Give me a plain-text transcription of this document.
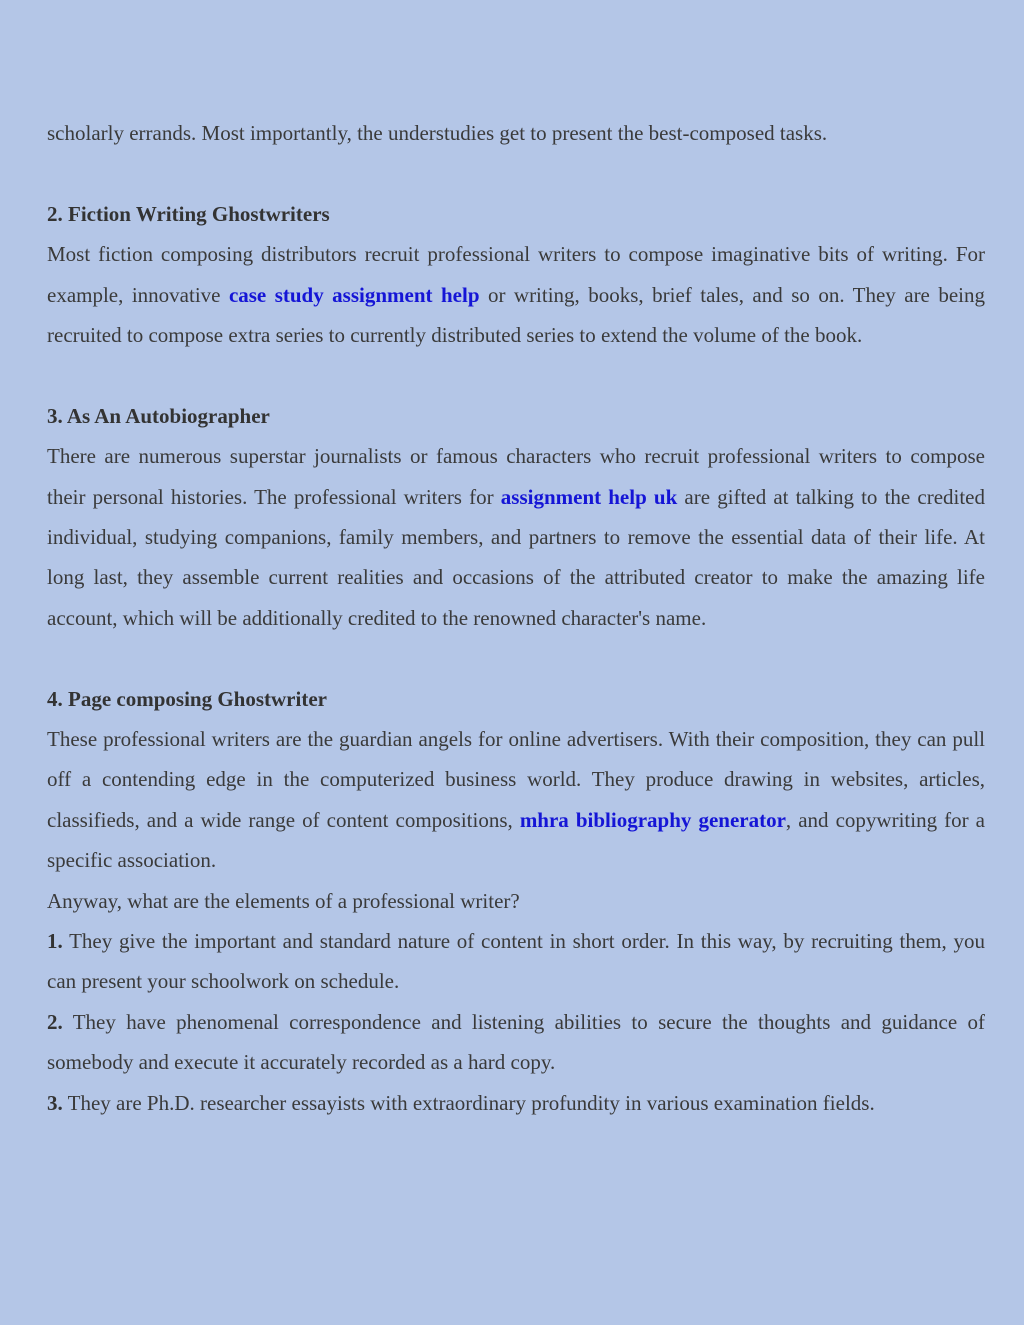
scholarly errands. Most importantly, the understudies get to present the best-composed tasks.

2. Fiction Writing Ghostwriters

Most fiction composing distributors recruit professional writers to compose imaginative bits of writing. For example, innovative case study assignment help or writing, books, brief tales, and so on. They are being recruited to compose extra series to currently distributed series to extend the volume of the book.

3. As An Autobiographer

There are numerous superstar journalists or famous characters who recruit professional writers to compose their personal histories. The professional writers for assignment help uk are gifted at talking to the credited individual, studying companions, family members, and partners to remove the essential data of their life. At long last, they assemble current realities and occasions of the attributed creator to make the amazing life account, which will be additionally credited to the renowned character's name.

4. Page composing Ghostwriter

These professional writers are the guardian angels for online advertisers. With their composition, they can pull off a contending edge in the computerized business world. They produce drawing in websites, articles, classifieds, and a wide range of content compositions, mhra bibliography generator, and copywriting for a specific association.

Anyway, what are the elements of a professional writer?

1. They give the important and standard nature of content in short order. In this way, by recruiting them, you can present your schoolwork on schedule.

2. They have phenomenal correspondence and listening abilities to secure the thoughts and guidance of somebody and execute it accurately recorded as a hard copy.

3. They are Ph.D. researcher essayists with extraordinary profundity in various examination fields.
